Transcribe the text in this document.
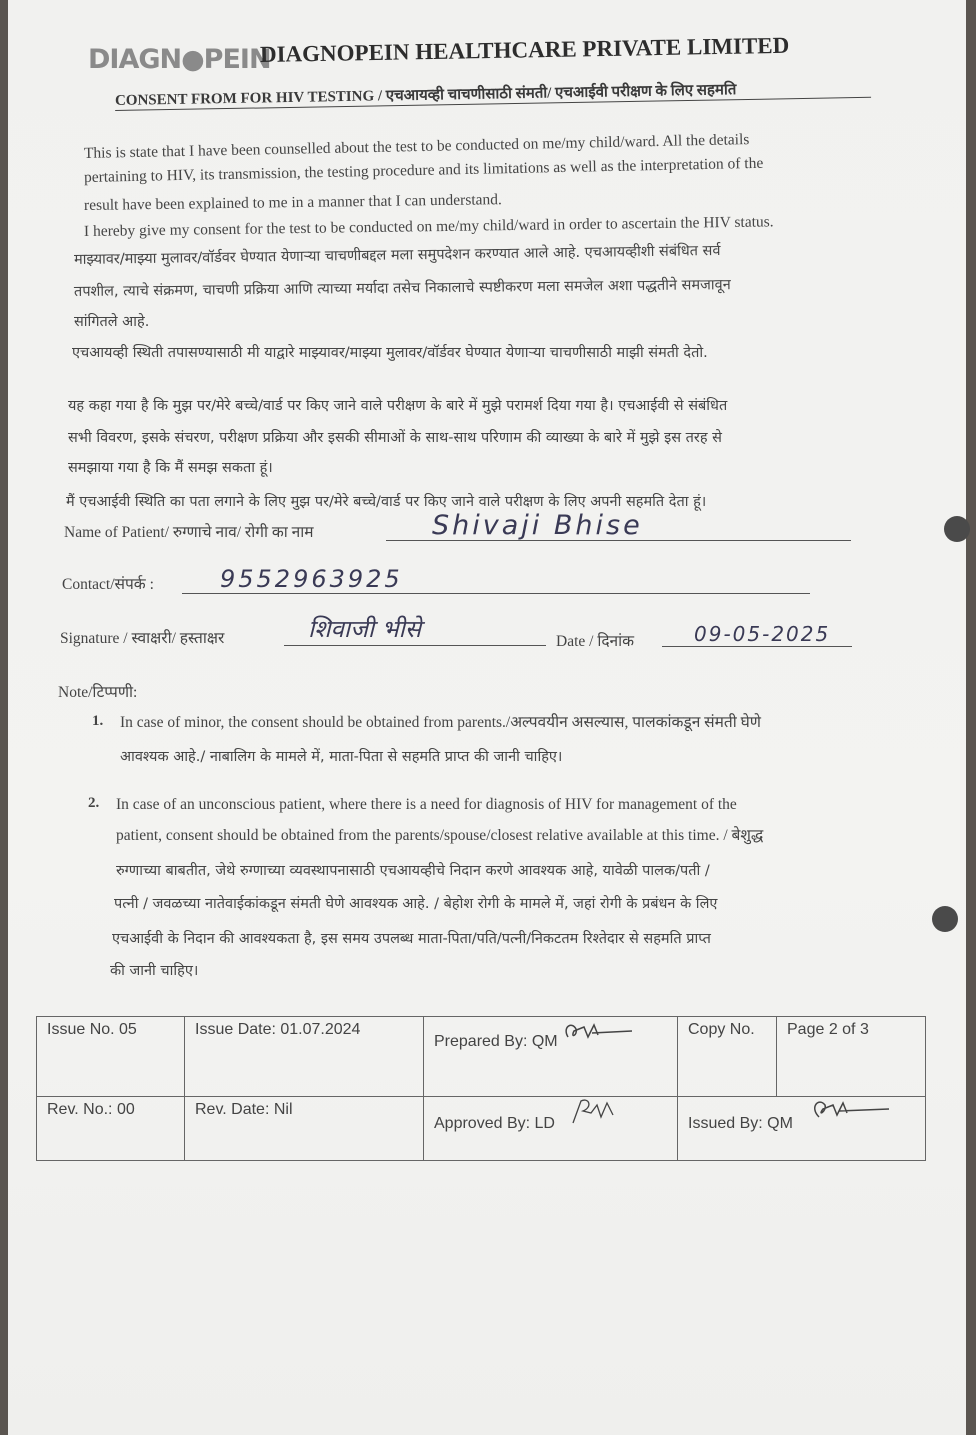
DIAGN●PEIN
DIAGNOPEIN HEALTHCARE PRIVATE LIMITED
CONSENT FROM FOR HIV TESTING / एचआयव्ही चाचणीसाठी संमती/ एचआईवी परीक्षण के लिए सहमति
This is state that I have been counselled about the test to be conducted on me/my child/ward. All the details
pertaining to HIV, its transmission, the testing procedure and its limitations as well as the interpretation of the
result have been explained to me in a manner that I can understand.
I hereby give my consent for the test to be conducted on me/my child/ward in order to ascertain the HIV status.
माझ्यावर/माझ्या मुलावर/वॉर्डवर घेण्यात येणाऱ्या चाचणीबद्दल मला समुपदेशन करण्यात आले आहे. एचआयव्हीशी संबंधित सर्व
तपशील, त्याचे संक्रमण, चाचणी प्रक्रिया आणि त्याच्या मर्यादा तसेच निकालाचे स्पष्टीकरण मला समजेल अशा पद्धतीने समजावून
सांगितले आहे.
एचआयव्ही स्थिती तपासण्यासाठी मी याद्वारे माझ्यावर/माझ्या मुलावर/वॉर्डवर घेण्यात येणाऱ्या चाचणीसाठी माझी संमती देतो.
यह कहा गया है कि मुझ पर/मेरे बच्चे/वार्ड पर किए जाने वाले परीक्षण के बारे में मुझे परामर्श दिया गया है। एचआईवी से संबंधित
सभी विवरण, इसके संचरण, परीक्षण प्रक्रिया और इसकी सीमाओं के साथ-साथ परिणाम की व्याख्या के बारे में मुझे इस तरह से
समझाया गया है कि मैं समझ सकता हूं।
मैं एचआईवी स्थिति का पता लगाने के लिए मुझ पर/मेरे बच्चे/वार्ड पर किए जाने वाले परीक्षण के लिए अपनी सहमति देता हूं।
Name of Patient/ रुग्णाचे नाव/ रोगी का नाम	Shivaji Bhise
Contact/संपर्क :	9552963925
Signature / स्वाक्षरी/ हस्ताक्षर	शिवाजी भीसे	Date / दिनांक	09-05-2025
Note/टिप्पणी:
1. In case of minor, the consent should be obtained from parents./अल्पवयीन असल्यास, पालकांकडून संमती घेणे
आवश्यक आहे./ नाबालिग के मामले में, माता-पिता से सहमति प्राप्त की जानी चाहिए।
2. In case of an unconscious patient, where there is a need for diagnosis of HIV for management of the
patient, consent should be obtained from the parents/spouse/closest relative available at this time. / बेशुद्ध
रुग्णाच्या बाबतीत, जेथे रुग्णाच्या व्यवस्थापनासाठी एचआयव्हीचे निदान करणे आवश्यक आहे, यावेळी पालक/पती /
पत्नी / जवळच्या नातेवाईकांकडून संमती घेणे आवश्यक आहे. / बेहोश रोगी के मामले में, जहां रोगी के प्रबंधन के लिए
एचआईवी के निदान की आवश्यकता है, इस समय उपलब्ध माता-पिता/पति/पत्नी/निकटतम रिश्तेदार से सहमति प्राप्त
की जानी चाहिए।
Issue No. 05	Issue Date: 01.07.2024	Prepared By: QM	Copy No.	Page 2 of 3
Rev. No.: 00	Rev. Date: Nil	Approved By: LD	Issued By: QM	
